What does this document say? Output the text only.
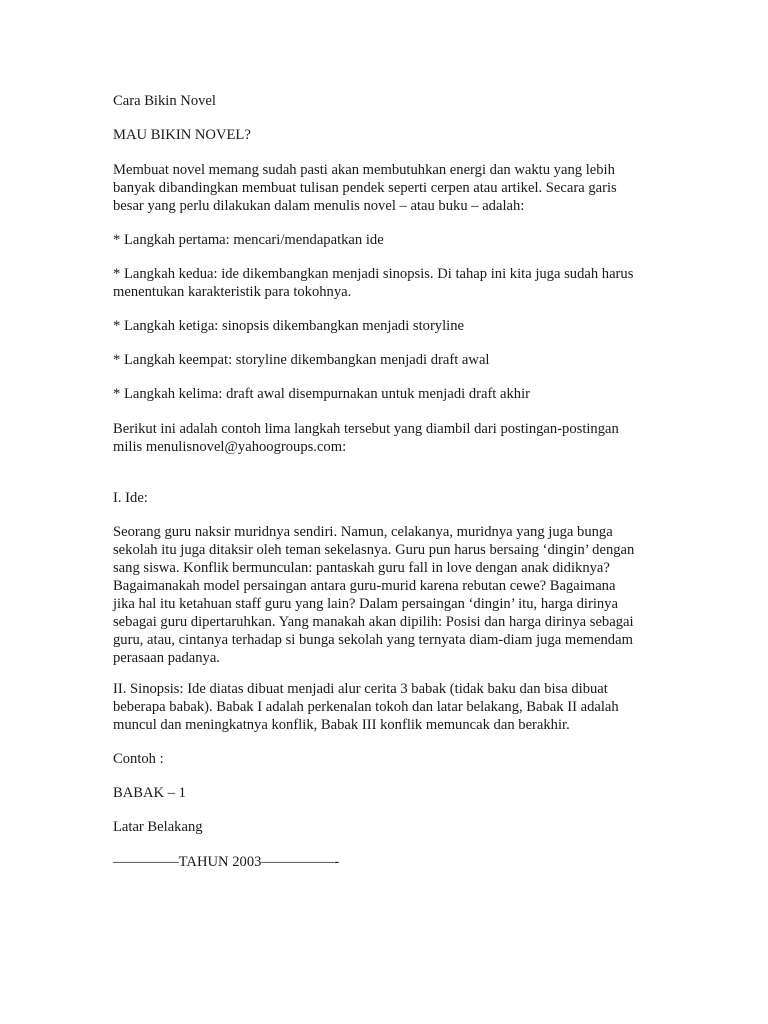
Cara Bikin Novel

MAU BIKIN NOVEL?

Membuat novel memang sudah pasti akan membutuhkan energi dan waktu yang lebih

banyak dibandingkan membuat tulisan pendek seperti cerpen atau artikel. Secara garis

besar yang perlu dilakukan dalam menulis novel – atau buku – adalah:

* Langkah pertama: mencari/mendapatkan ide

* Langkah kedua: ide dikembangkan menjadi sinopsis. Di tahap ini kita juga sudah harus

menentukan karakteristik para tokohnya.

* Langkah ketiga: sinopsis dikembangkan menjadi storyline

* Langkah keempat: storyline dikembangkan menjadi draft awal

* Langkah kelima: draft awal disempurnakan untuk menjadi draft akhir

Berikut ini adalah contoh lima langkah tersebut yang diambil dari postingan-postingan

milis menulisnovel@yahoogroups.com:

I. Ide:

Seorang guru naksir muridnya sendiri. Namun, celakanya, muridnya yang juga bunga

sekolah itu juga ditaksir oleh teman sekelasnya. Guru pun harus bersaing ‘dingin’ dengan

sang siswa. Konflik bermunculan: pantaskah guru fall in love dengan anak didiknya?

Bagaimanakah model persaingan antara guru-murid karena rebutan cewe? Bagaimana

jika hal itu ketahuan staff guru yang lain? Dalam persaingan ‘dingin’ itu, harga dirinya

sebagai guru dipertaruhkan. Yang manakah akan dipilih: Posisi dan harga dirinya sebagai

guru, atau, cintanya terhadap si bunga sekolah yang ternyata diam-diam juga memendam

perasaan padanya.

II. Sinopsis: Ide diatas dibuat menjadi alur cerita 3 babak (tidak baku dan bisa dibuat

beberapa babak). Babak I adalah perkenalan tokoh dan latar belakang, Babak II adalah

muncul dan meningkatnya konflik, Babak III konflik memuncak dan berakhir.

Contoh :

BABAK – 1

Latar Belakang

————–TAHUN 2003—————-
